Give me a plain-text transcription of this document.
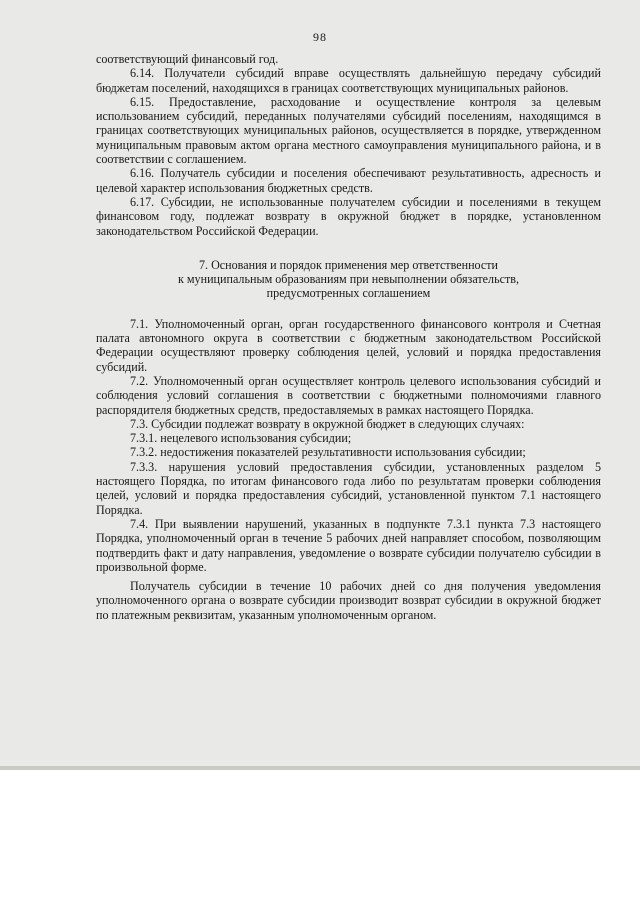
98

соответствующий финансовый год.

6.14. Получатели субсидий вправе осуществлять дальнейшую передачу субсидий бюджетам поселений, находящихся в границах соответствующих муниципальных районов.

6.15. Предоставление, расходование и осуществление контроля за целевым использованием субсидий, переданных получателями субсидий поселениям, находящимся в границах соответствующих муниципальных районов, осуществляется в порядке, утвержденном муниципальным правовым актом органа местного самоуправления муниципального района, и в соответствии с соглашением.

6.16. Получатель субсидии и поселения обеспечивают результативность, адресность и целевой характер использования бюджетных средств.

6.17. Субсидии, не использованные получателем субсидии и поселениями в текущем финансовом году, подлежат возврату в окружной бюджет в порядке, установленном законодательством Российской Федерации.

7. Основания и порядок применения мер ответственности
к муниципальным образованиям при невыполнении обязательств,
предусмотренных соглашением

7.1. Уполномоченный орган, орган государственного финансового контроля и Счетная палата автономного округа в соответствии с бюджетным законодательством Российской Федерации осуществляют проверку соблюдения целей, условий и порядка предоставления субсидий.

7.2. Уполномоченный орган осуществляет контроль целевого использования субсидий и соблюдения условий соглашения в соответствии с бюджетными полномочиями главного распорядителя бюджетных средств, предоставляемых в рамках настоящего Порядка.

7.3. Субсидии подлежат возврату в окружной бюджет в следующих случаях:

7.3.1. нецелевого использования субсидии;

7.3.2. недостижения показателей результативности использования субсидии;

7.3.3. нарушения условий предоставления субсидии, установленных разделом 5 настоящего Порядка, по итогам финансового года либо по результатам проверки соблюдения целей, условий и порядка предоставления субсидий, установленной пунктом 7.1 настоящего Порядка.

7.4. При выявлении нарушений, указанных в подпункте 7.3.1 пункта 7.3 настоящего Порядка, уполномоченный орган в течение 5 рабочих дней направляет способом, позволяющим подтвердить факт и дату направления, уведомление о возврате субсидии получателю субсидии в произвольной форме.

Получатель субсидии в течение 10 рабочих дней со дня получения уведомления уполномоченного органа о возврате субсидии производит возврат субсидии в окружной бюджет по платежным реквизитам, указанным уполномоченным органом.
